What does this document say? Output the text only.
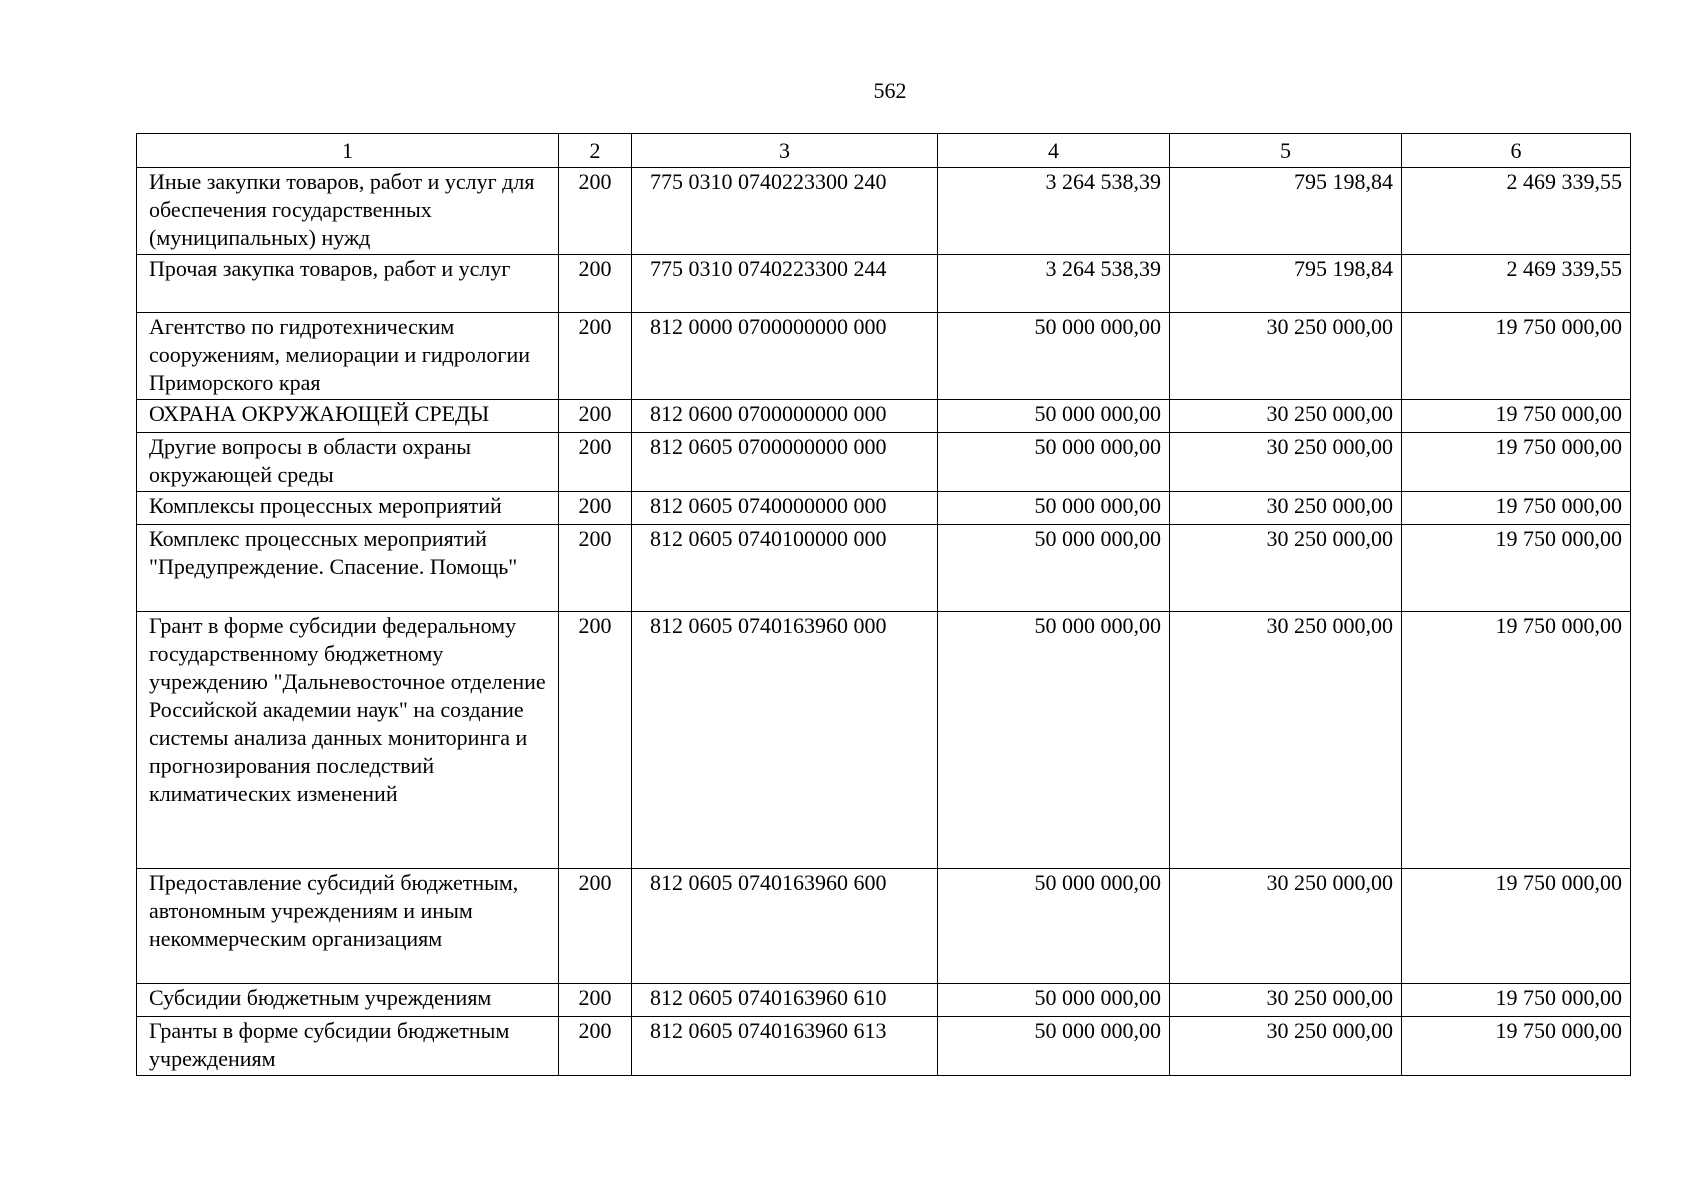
562
1	2	3	4	5	6
Иные закупки товаров, работ и услуг для обеспечения государственных (муниципальных) нужд	200	775 0310 0740223300 240	3 264 538,39	795 198,84	2 469 339,55
Прочая закупка товаров, работ и услуг	200	775 0310 0740223300 244	3 264 538,39	795 198,84	2 469 339,55
Агентство по гидротехническим сооружениям, мелиорации и гидрологии Приморского края	200	812 0000 0700000000 000	50 000 000,00	30 250 000,00	19 750 000,00
ОХРАНА ОКРУЖАЮЩЕЙ СРЕДЫ	200	812 0600 0700000000 000	50 000 000,00	30 250 000,00	19 750 000,00
Другие вопросы в области охраны окружающей среды	200	812 0605 0700000000 000	50 000 000,00	30 250 000,00	19 750 000,00
Комплексы процессных мероприятий	200	812 0605 0740000000 000	50 000 000,00	30 250 000,00	19 750 000,00
Комплекс процессных мероприятий "Предупреждение. Спасение. Помощь"	200	812 0605 0740100000 000	50 000 000,00	30 250 000,00	19 750 000,00
Грант в форме субсидии федеральному государственному бюджетному учреждению "Дальневосточное отделение Российской академии наук" на создание системы анализа данных мониторинга и прогнозирования последствий климатических изменений	200	812 0605 0740163960 000	50 000 000,00	30 250 000,00	19 750 000,00
Предоставление субсидий бюджетным, автономным учреждениям и иным некоммерческим организациям	200	812 0605 0740163960 600	50 000 000,00	30 250 000,00	19 750 000,00
Субсидии бюджетным учреждениям	200	812 0605 0740163960 610	50 000 000,00	30 250 000,00	19 750 000,00
Гранты в форме субсидии бюджетным учреждениям	200	812 0605 0740163960 613	50 000 000,00	30 250 000,00	19 750 000,00
